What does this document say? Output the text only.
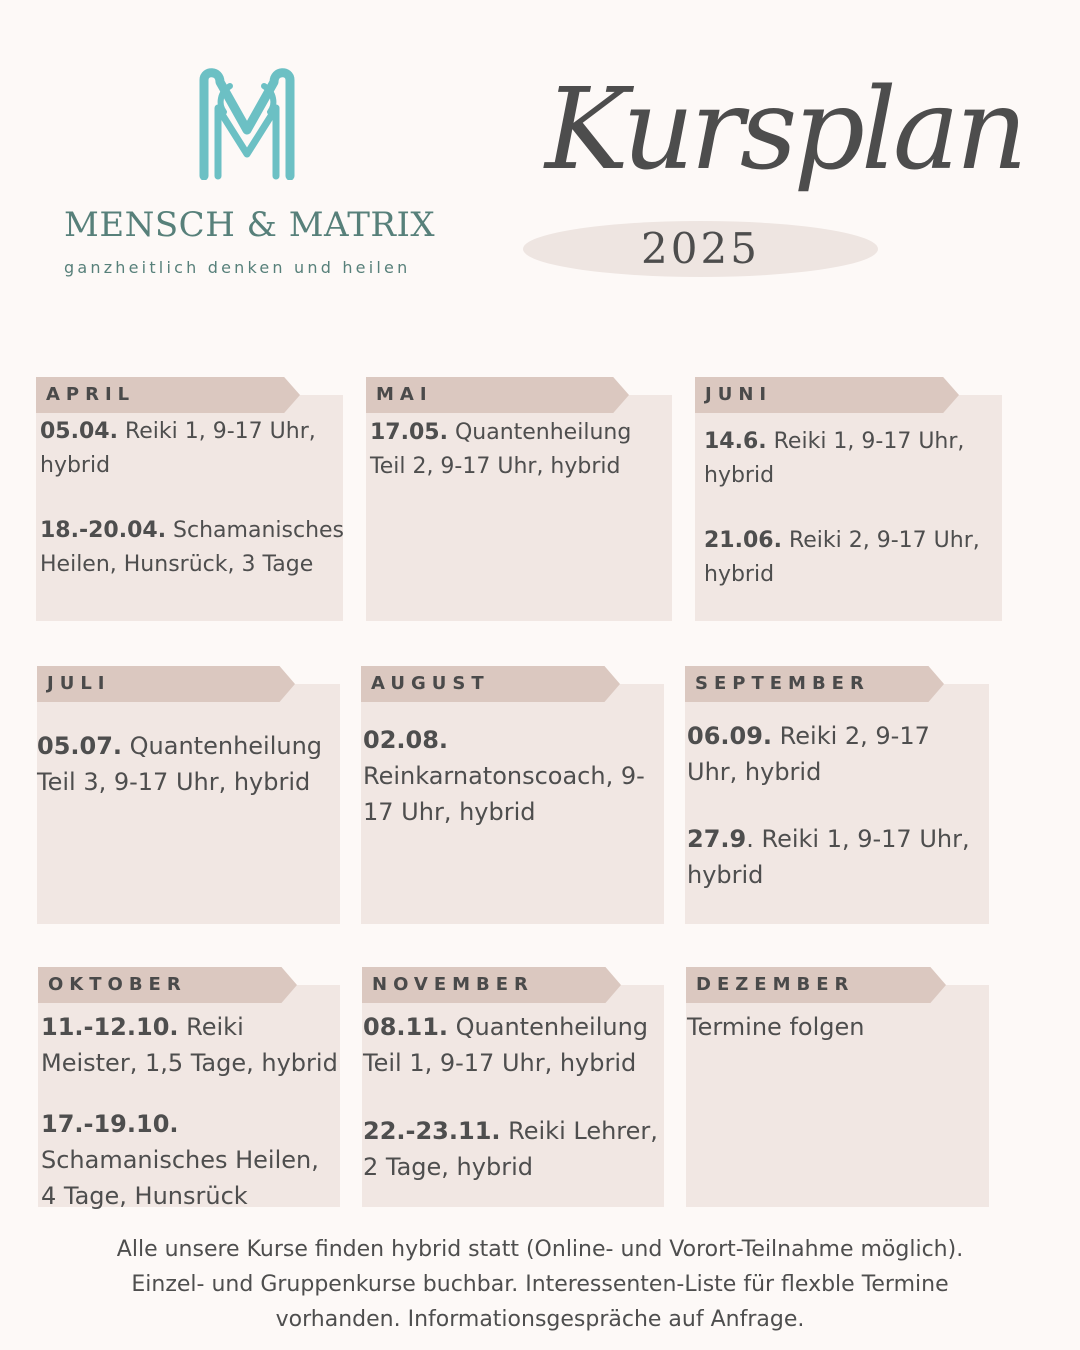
MENSCH & MATRIX
ganzheitlich denken und heilen
Kursplan
2025
APRIL

05.04. Reiki 1, 9-17 Uhr, hybrid

18.-20.04. Schamanisches Heilen, Hunsrück, 3 Tage

MAI

17.05. Quantenheilung Teil 2, 9-17 Uhr, hybrid

JUNI

14.6. Reiki 1, 9-17 Uhr, hybrid

21.06. Reiki 2, 9-17 Uhr, hybrid

JULI

05.07. Quantenheilung Teil 3, 9-17 Uhr, hybrid

AUGUST

02.08. Reinkarnatonscoach, 9-17 Uhr, hybrid

SEPTEMBER

06.09. Reiki 2, 9-17 Uhr, hybrid

27.9. Reiki 1, 9-17 Uhr, hybrid

OKTOBER

11.-12.10. Reiki Meister, 1,5 Tage, hybrid

17.-19.10. Schamanisches Heilen, 4 Tage, Hunsrück

NOVEMBER

08.11. Quantenheilung Teil 1, 9-17 Uhr, hybrid

22.-23.11. Reiki Lehrer, 2 Tage, hybrid

DEZEMBER

Termine folgen

Alle unsere Kurse finden hybrid statt (Online- und Vorort-Teilnahme möglich).
Einzel- und Gruppenkurse buchbar. Interessenten-Liste für flexble Termine
vorhanden. Informationsgespräche auf Anfrage.
